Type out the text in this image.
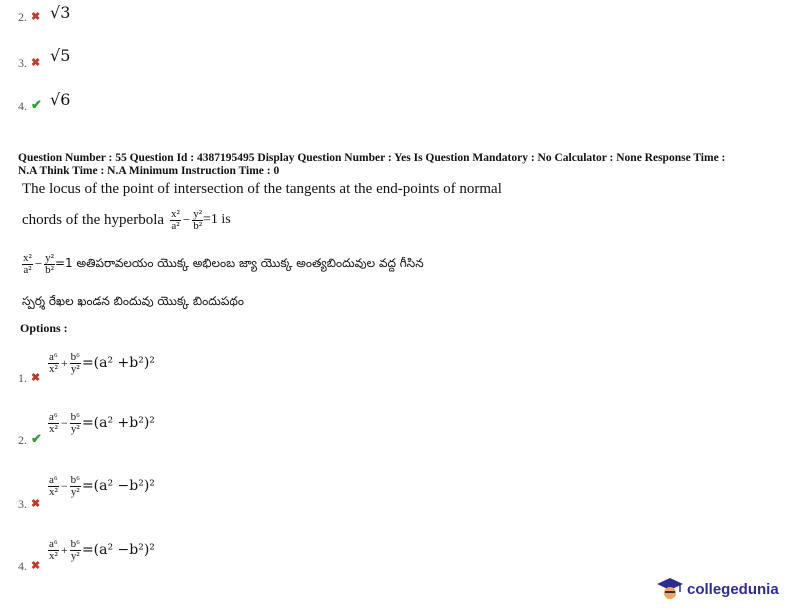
2. ✖ √3
3. ✖ √5
4. ✔ √6
Question Number : 55 Question Id : 4387195495 Display Question Number : Yes Is Question Mandatory : No Calculator : None Response Time :
N.A Think Time : N.A Minimum Instruction Time : 0
The locus of the point of intersection of the tangents at the end-points of normal
chords of the hyperbola $\frac{\text{x²}}{\text{a²}} - \frac{\text{y²}}{\text{b²}} =1$ is
$\frac{\text{x²}}{\text{a²}} - \frac{\text{y²}}{\text{b²}} =1$ అతిపరావలయం యొక్క అభిలంబ జ్యా యొక్క అంత్యబిందువుల వద్ద గీసిన
స్పర్శ రేఖల ఖండన బిందువు యొక్క బిందుపథం
Options :
1. ✖
$\frac{\text{a⁶}}{\text{x²}} + \frac{\text{b⁶}}{\text{y²}} =(a^2 +b^2)^2$
2. ✔
$\frac{\text{a⁶}}{\text{x²}} - \frac{\text{b⁶}}{\text{y²}} =(a^2 +b^2)^2$
3. ✖
$\frac{\text{a⁶}}{\text{x²}} - \frac{\text{b⁶}}{\text{y²}} =(a^2 -b^2)^2$
4. ✖
$\frac{\text{a⁶}}{\text{x²}} + \frac{\text{b⁶}}{\text{y²}} =(a^2 -b^2)^2$
collegedunia
